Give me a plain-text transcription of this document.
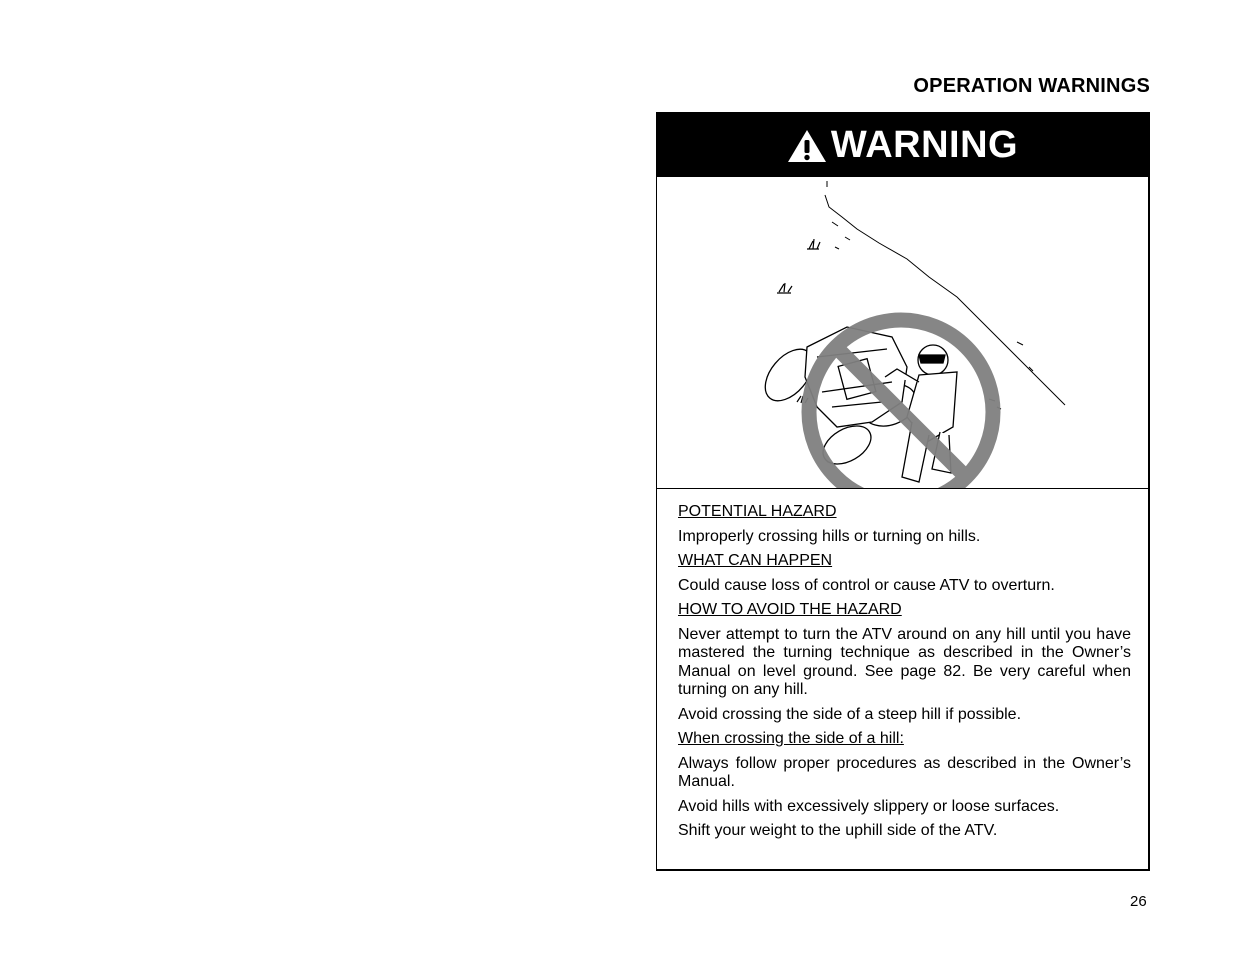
OPERATION WARNINGS
WARNING

POTENTIAL HAZARD

Improperly crossing hills or turning on hills.

WHAT CAN HAPPEN

Could cause loss of control or cause ATV to overturn.

HOW TO AVOID THE HAZARD

Never attempt to turn the ATV around on any hill until you have mastered the turning technique as described in the Owner’s Manual on level ground. See page 82. Be very careful when turning on any hill.

Avoid crossing the side of a steep hill if possible.

When crossing the side of a hill:

Always follow proper procedures as described in the Owner’s Manual.

Avoid hills with excessively slippery or loose surfaces.

Shift your weight to the uphill side of the ATV.

26
